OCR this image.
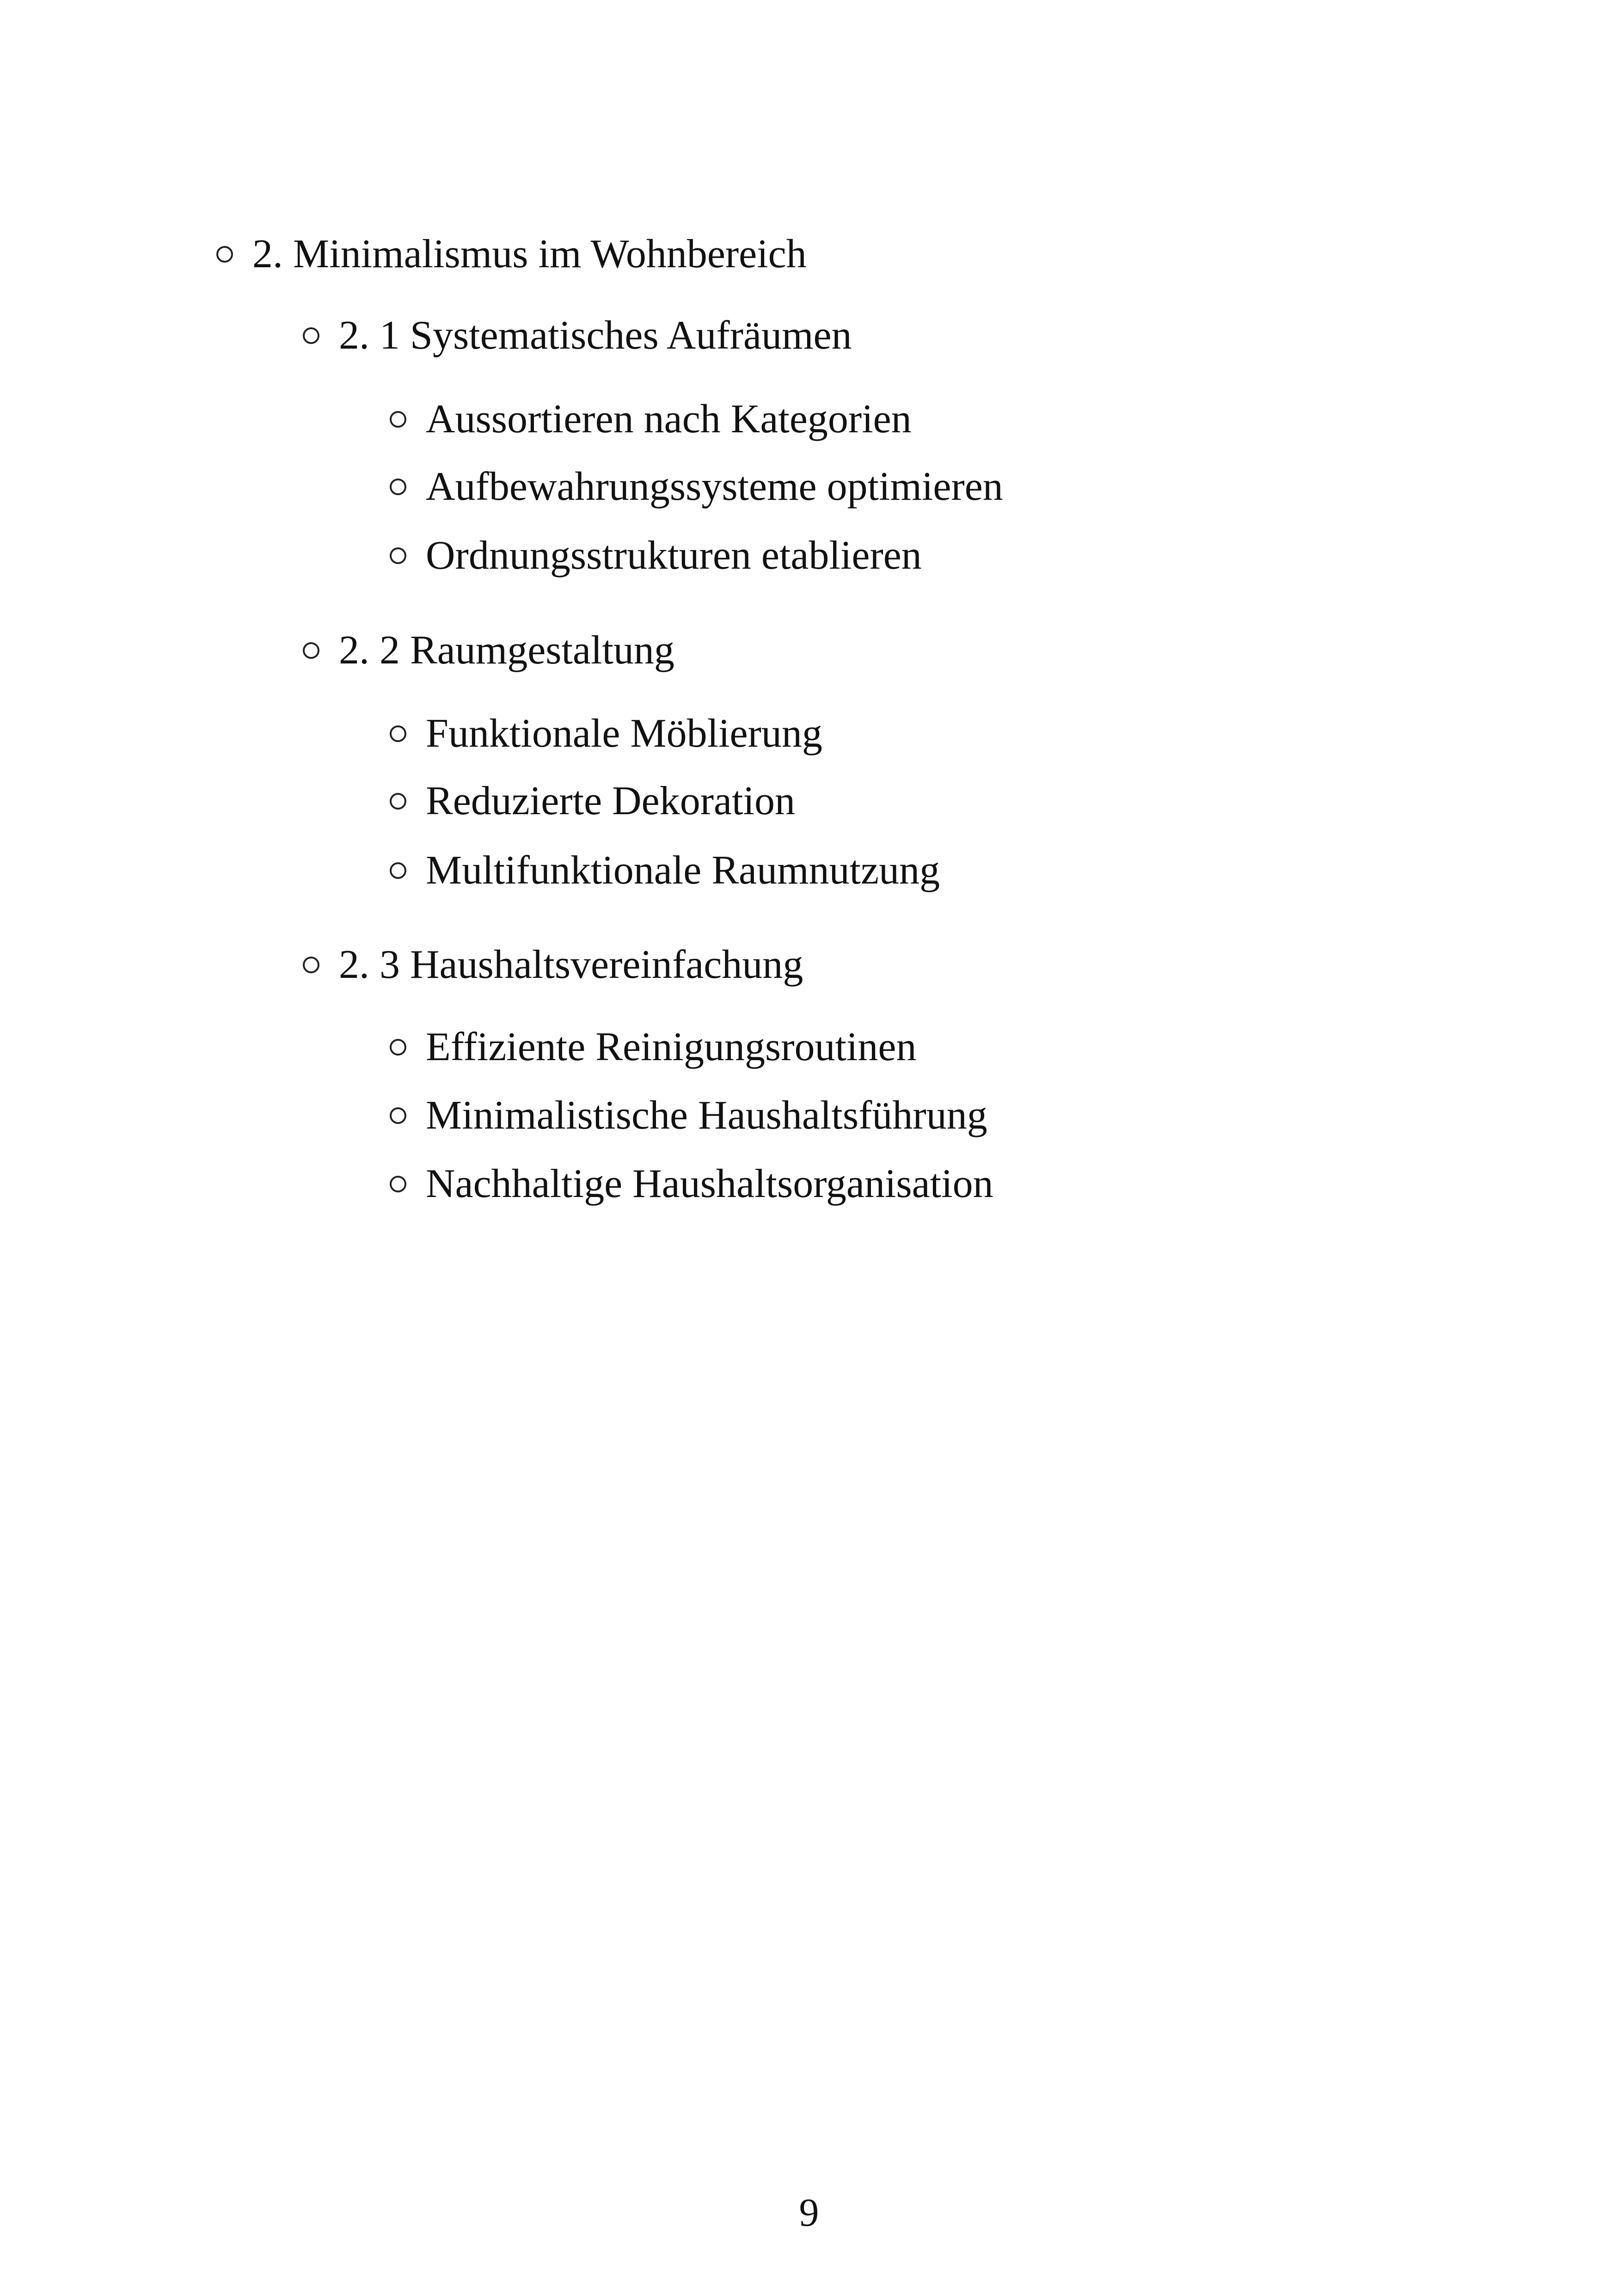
2. Minimalismus im Wohnbereich
2. 1 Systematisches Aufräumen
Aussortieren nach Kategorien
Aufbewahrungssysteme optimieren
Ordnungsstrukturen etablieren
2. 2 Raumgestaltung
Funktionale Möblierung
Reduzierte Dekoration
Multifunktionale Raumnutzung
2. 3 Haushaltsvereinfachung
Effiziente Reinigungsroutinen
Minimalistische Haushaltsführung
Nachhaltige Haushaltsorganisation
9
